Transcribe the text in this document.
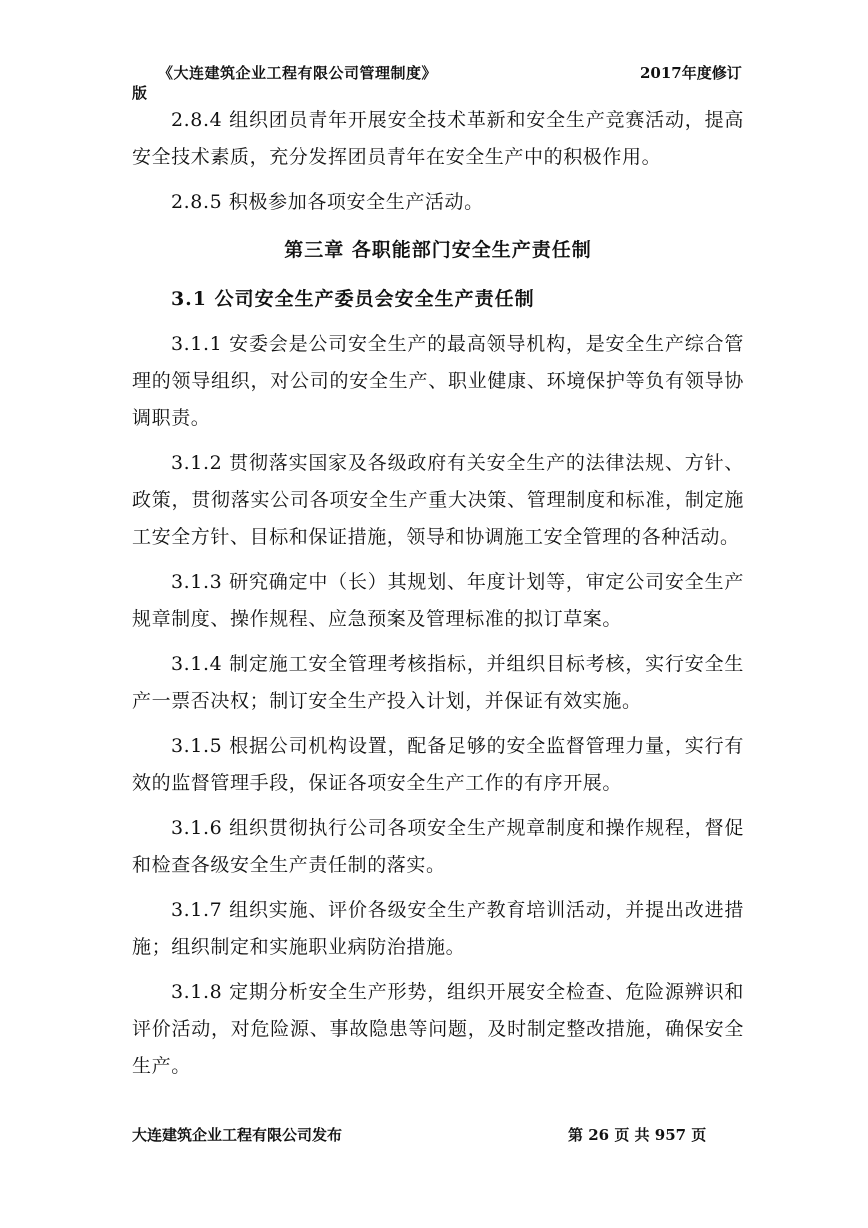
《大连建筑企业工程有限公司管理制度》	2017年度修订
版

2.8.4 组织团员青年开展安全技术革新和安全生产竞赛活动，提高安全技术素质，充分发挥团员青年在安全生产中的积极作用。

2.8.5 积极参加各项安全生产活动。

第三章 各职能部门安全生产责任制
3.1 公司安全生产委员会安全生产责任制

3.1.1 安委会是公司安全生产的最高领导机构，是安全生产综合管理的领导组织，对公司的安全生产、职业健康、环境保护等负有领导协调职责。

3.1.2 贯彻落实国家及各级政府有关安全生产的法律法规、方针、政策，贯彻落实公司各项安全生产重大决策、管理制度和标准，制定施工安全方针、目标和保证措施，领导和协调施工安全管理的各种活动。

3.1.3 研究确定中（长）其规划、年度计划等，审定公司安全生产规章制度、操作规程、应急预案及管理标准的拟订草案。

3.1.4 制定施工安全管理考核指标，并组织目标考核，实行安全生产一票否决权；制订安全生产投入计划，并保证有效实施。

3.1.5 根据公司机构设置，配备足够的安全监督管理力量，实行有效的监督管理手段，保证各项安全生产工作的有序开展。

3.1.6 组织贯彻执行公司各项安全生产规章制度和操作规程，督促和检查各级安全生产责任制的落实。

3.1.7 组织实施、评价各级安全生产教育培训活动，并提出改进措施；组织制定和实施职业病防治措施。

3.1.8 定期分析安全生产形势，组织开展安全检查、危险源辨识和评价活动，对危险源、事故隐患等问题，及时制定整改措施，确保安全生产。

大连建筑企业工程有限公司发布	第 26 页 共 957 页
